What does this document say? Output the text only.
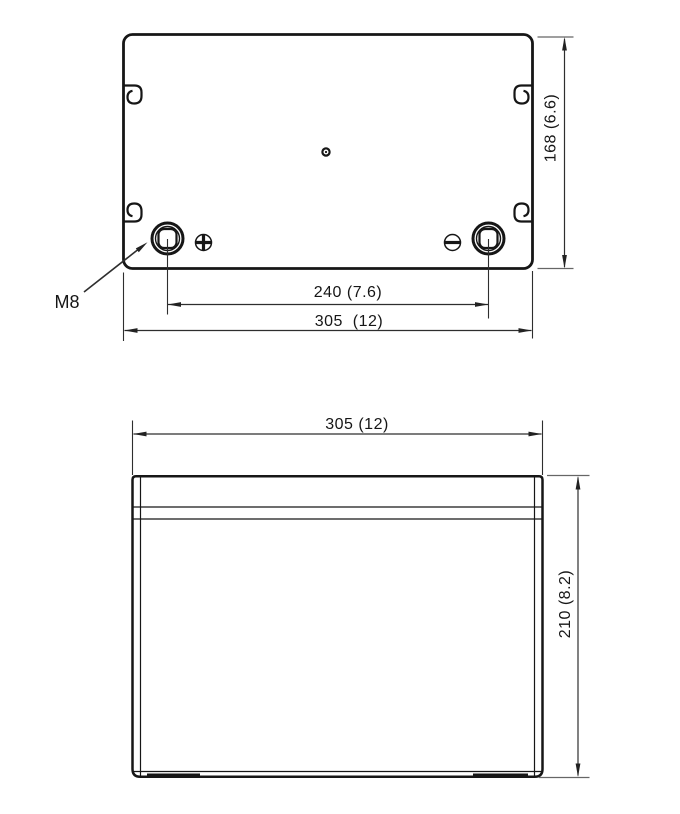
M8
168 (6.6)
240 (7.6)
305  (12)
305 (12)
210 (8.2)
